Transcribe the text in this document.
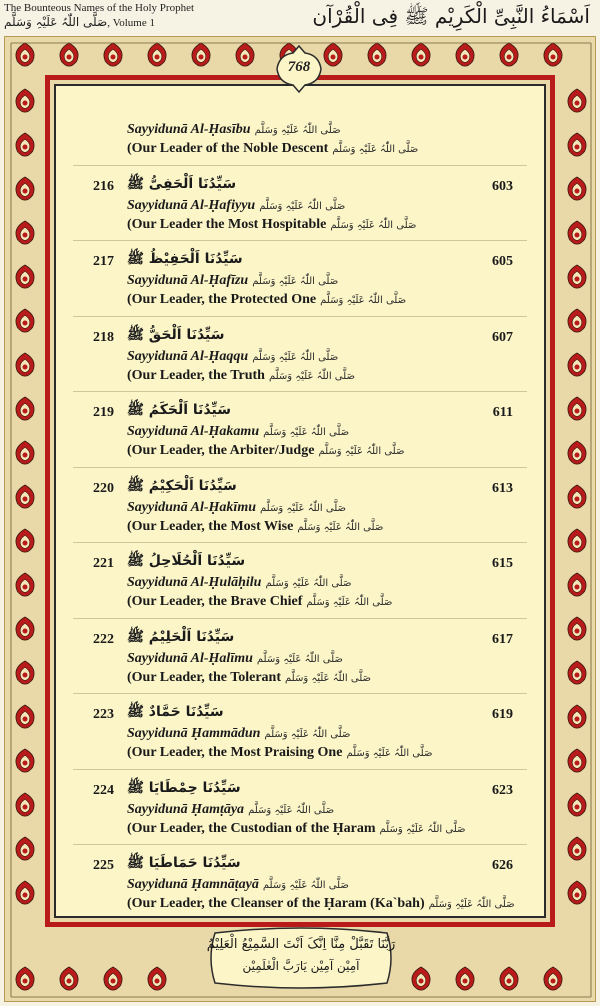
The Bounteous Names of the Holy Prophet
صَلَّی اللّٰہُ عَلَیْہِ وَسَلَّم, Volume 1	اَسْمَاءُ النَّبِیِّ الْکَرِیْم ﷺ فِی الْقُرْآن
768
Sayyidunā Al-Ḥasību صَلَّی اللّٰہُ عَلَیْہِ وَسَلَّم
(Our Leader of the Noble Descent صَلَّی اللّٰہُ عَلَیْہِ وَسَلَّم
216 سَیِّدُنَا اَلْحَفِیُّ ﷺ	603
Sayyidunā Al-Ḥafiyyu صَلَّی اللّٰہُ عَلَیْہِ وَسَلَّم
(Our Leader the Most Hospitable صَلَّی اللّٰہُ عَلَیْہِ وَسَلَّم
217 سَیِّدُنَا اَلْحَفِیْظُ ﷺ	605
Sayyidunā Al-Ḥafīzu صَلَّی اللّٰہُ عَلَیْہِ وَسَلَّم
(Our Leader, the Protected One صَلَّی اللّٰہُ عَلَیْہِ وَسَلَّم
218 سَیِّدُنَا اَلْحَقُّ ﷺ	607
Sayyidunā Al-Ḥaqqu صَلَّی اللّٰہُ عَلَیْہِ وَسَلَّم
(Our Leader, the Truth صَلَّی اللّٰہُ عَلَیْہِ وَسَلَّم
219 سَیِّدُنَا اَلْحَکَمُ ﷺ	611
Sayyidunā Al-Ḥakamu صَلَّی اللّٰہُ عَلَیْہِ وَسَلَّم
(Our Leader, the Arbiter/Judge صَلَّی اللّٰہُ عَلَیْہِ وَسَلَّم
220 سَیِّدُنَا اَلْحَکِیْمُ ﷺ	613
Sayyidunā Al-Ḥakīmu صَلَّی اللّٰہُ عَلَیْہِ وَسَلَّم
(Our Leader, the Most Wise صَلَّی اللّٰہُ عَلَیْہِ وَسَلَّم
221 سَیِّدُنَا اَلْحُلَاحِلُ ﷺ	615
Sayyidunā Al-Ḥulāḥilu صَلَّی اللّٰہُ عَلَیْہِ وَسَلَّم
(Our Leader, the Brave Chief صَلَّی اللّٰہُ عَلَیْہِ وَسَلَّم
222 سَیِّدُنَا اَلْحَلِیْمُ ﷺ	617
Sayyidunā Al-Ḥalīmu صَلَّی اللّٰہُ عَلَیْہِ وَسَلَّم
(Our Leader, the Tolerant صَلَّی اللّٰہُ عَلَیْہِ وَسَلَّم
223 سَیِّدُنَا حَمَّادٌ ﷺ	619
Sayyidunā Ḥammādun صَلَّی اللّٰہُ عَلَیْہِ وَسَلَّم
(Our Leader, the Most Praising One صَلَّی اللّٰہُ عَلَیْہِ وَسَلَّم
224 سَیِّدُنَا حِمْطَایَا ﷺ	623
Sayyidunā Ḥamṭāya صَلَّی اللّٰہُ عَلَیْہِ وَسَلَّم
(Our Leader, the Custodian of the Ḥaram صَلَّی اللّٰہُ عَلَیْہِ وَسَلَّم
225 سَیِّدُنَا حَمَاطَیَا ﷺ	626
Sayyidunā Ḥamnāṭayā صَلَّی اللّٰہُ عَلَیْہِ وَسَلَّم
(Our Leader, the Cleanser of the Ḥaram (Ka`bah) صَلَّی اللّٰہُ عَلَیْہِ وَسَلَّم
رَبَّنَا تَقَبَّلْ مِنَّا اِنَّکَ اَنْتَ السَّمِیْعُ الْعَلِیْمُ
آمِیْن آمِیْن یَارَبَّ الْعٰلَمِیْن
